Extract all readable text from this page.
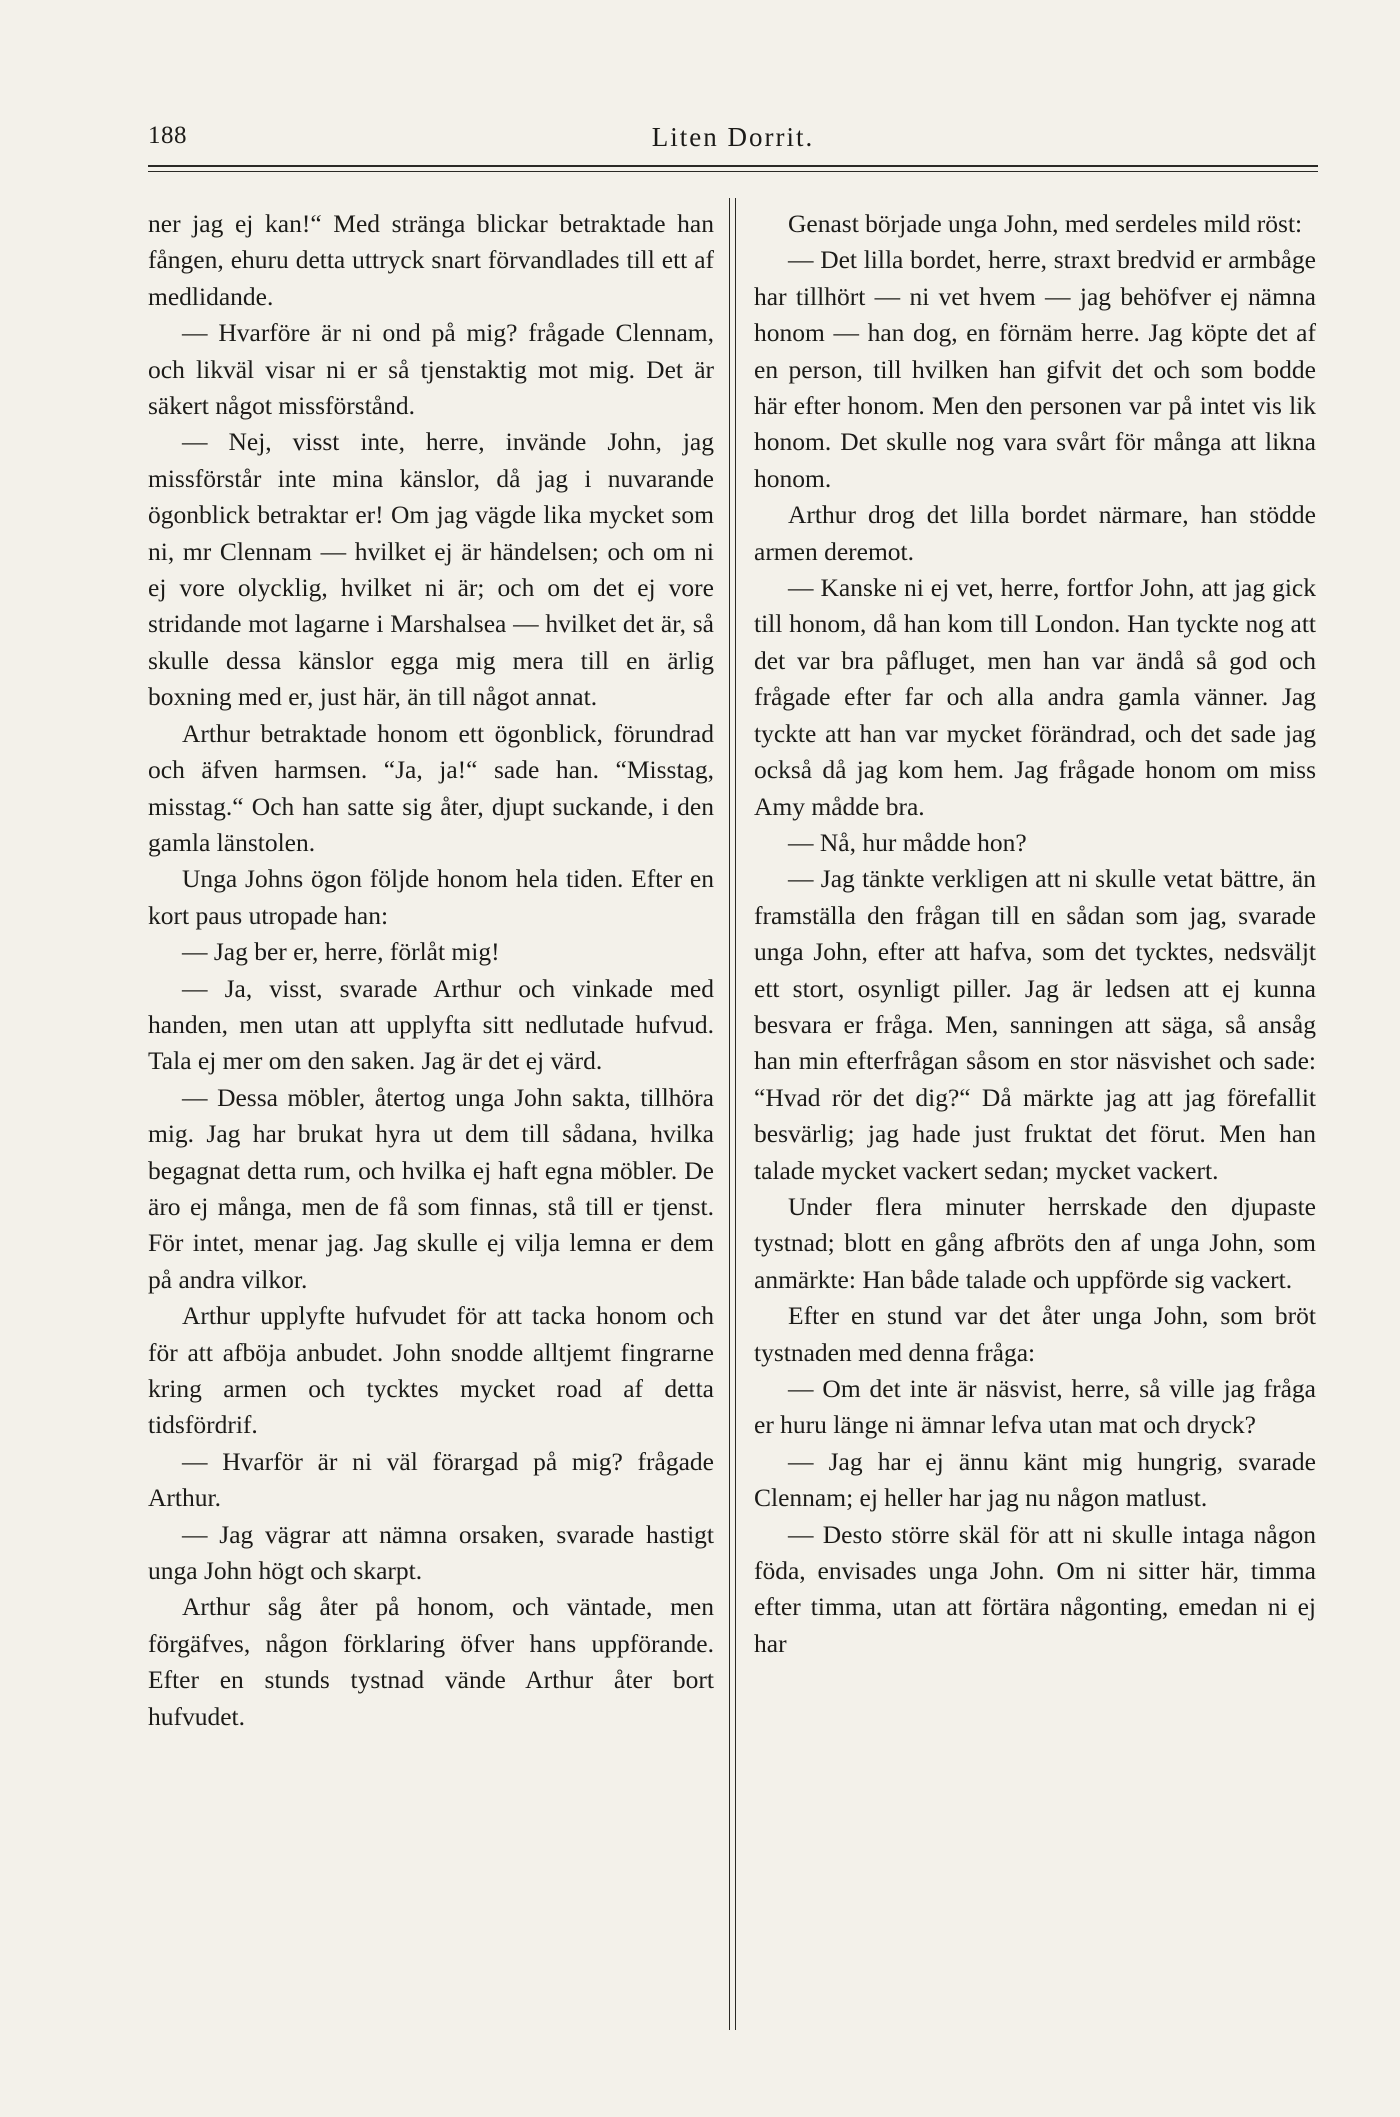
188	Liten Dorrit.

ner jag ej kan!“ Med stränga blickar betraktade han fången, ehuru detta uttryck snart förvandlades till ett af medlidande.

— Hvarföre är ni ond på mig? frågade Clennam, och likväl visar ni er så tjenstaktig mot mig. Det är säkert något missförstånd.

— Nej, visst inte, herre, invände John, jag missförstår inte mina känslor, då jag i nuvarande ögonblick betraktar er! Om jag vägde lika mycket som ni, mr Clennam — hvilket ej är händelsen; och om ni ej vore olycklig, hvilket ni är; och om det ej vore stridande mot lagarne i Marshalsea — hvilket det är, så skulle dessa känslor egga mig mera till en ärlig boxning med er, just här, än till något annat.

Arthur betraktade honom ett ögonblick, förundrad och äfven harmsen. “Ja, ja!“ sade han. “Misstag, misstag.“ Och han satte sig åter, djupt suckande, i den gamla länstolen.

Unga Johns ögon följde honom hela tiden. Efter en kort paus utropade han:

— Jag ber er, herre, förlåt mig!

— Ja, visst, svarade Arthur och vinkade med handen, men utan att upplyfta sitt nedlutade hufvud. Tala ej mer om den saken. Jag är det ej värd.

— Dessa möbler, återtog unga John sakta, tillhöra mig. Jag har brukat hyra ut dem till sådana, hvilka begagnat detta rum, och hvilka ej haft egna möbler. De äro ej många, men de få som finnas, stå till er tjenst. För intet, menar jag. Jag skulle ej vilja lemna er dem på andra vilkor.

Arthur upplyfte hufvudet för att tacka honom och för att afböja anbudet. John snodde alltjemt fingrarne kring armen och tycktes mycket road af detta tidsfördrif.

— Hvarför är ni väl förargad på mig? frågade Arthur.

— Jag vägrar att nämna orsaken, svarade hastigt unga John högt och skarpt.

Arthur såg åter på honom, och väntade, men förgäfves, någon förklaring öfver hans uppförande. Efter en stunds tystnad vände Arthur åter bort hufvudet.

Genast började unga John, med serdeles mild röst:

— Det lilla bordet, herre, straxt bredvid er armbåge har tillhört — ni vet hvem — jag behöfver ej nämna honom — han dog, en förnäm herre. Jag köpte det af en person, till hvilken han gifvit det och som bodde här efter honom. Men den personen var på intet vis lik honom. Det skulle nog vara svårt för många att likna honom.

Arthur drog det lilla bordet närmare, han stödde armen deremot.

— Kanske ni ej vet, herre, fortfor John, att jag gick till honom, då han kom till London. Han tyckte nog att det var bra påfluget, men han var ändå så god och frågade efter far och alla andra gamla vänner. Jag tyckte att han var mycket förändrad, och det sade jag också då jag kom hem. Jag frågade honom om miss Amy mådde bra.

— Nå, hur mådde hon?

— Jag tänkte verkligen att ni skulle vetat bättre, än framställa den frågan till en sådan som jag, svarade unga John, efter att hafva, som det tycktes, nedsväljt ett stort, osynligt piller. Jag är ledsen att ej kunna besvara er fråga. Men, sanningen att säga, så ansåg han min efterfrågan såsom en stor näsvishet och sade: “Hvad rör det dig?“ Då märkte jag att jag förefallit besvärlig; jag hade just fruktat det förut. Men han talade mycket vackert sedan; mycket vackert.

Under flera minuter herrskade den djupaste tystnad; blott en gång afbröts den af unga John, som anmärkte: Han både talade och uppförde sig vackert.

Efter en stund var det åter unga John, som bröt tystnaden med denna fråga:

— Om det inte är näsvist, herre, så ville jag fråga er huru länge ni ämnar lefva utan mat och dryck?

— Jag har ej ännu känt mig hungrig, svarade Clennam; ej heller har jag nu någon matlust.

— Desto större skäl för att ni skulle intaga någon föda, envisades unga John. Om ni sitter här, timma efter timma, utan att förtära någonting, emedan ni ej har
